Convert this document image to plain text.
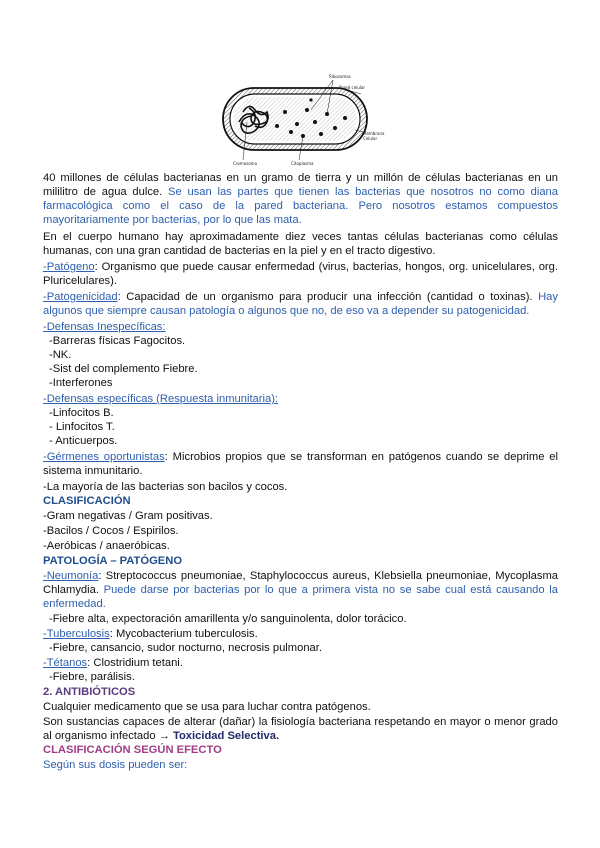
Ribosomas
Pared celular
Membrana
Celular
Cromosoma	Citoplasma
40 millones de células bacterianas en un gramo de tierra y un millón de células bacterianas en un
mililitro de agua dulce. Se usan las partes que tienen las bacterias que nosotros no como diana
farmacológica como el caso de la pared bacteriana. Pero nosotros estamos compuestos
mayoritariamente por bacterias, por lo que las mata.
En el cuerpo humano hay aproximadamente diez veces tantas células bacterianas como células
humanas, con una gran cantidad de bacterias en la piel y en el tracto digestivo.
-Patógeno: Organismo que puede causar enfermedad (virus, bacterias, hongos, org. unicelulares, org.
Pluricelulares).
-Patogenicidad: Capacidad de un organismo para producir una infección (cantidad o toxinas). Hay
algunos que siempre causan patología o algunos que no, de eso va a depender su patogenicidad.
-Defensas Inespecíficas:
-Barreras físicas Fagocitos.
-NK.
-Sist del complemento Fiebre.
-Interferones
-Defensas específicas (Respuesta inmunitaria):
-Linfocitos B.
- Linfocitos T.
- Anticuerpos.
-Gérmenes oportunistas: Microbios propios que se transforman en patógenos cuando se deprime el
sistema inmunitario.
-La mayoría de las bacterias son bacilos y cocos.
CLASIFICACIÓN
-Gram negativas / Gram positivas.
-Bacilos / Cocos / Espirilos.
-Aeróbicas / anaeróbicas.
PATOLOGÍA – PATÓGENO
-Neumonía: Streptococcus pneumoniae, Staphylococcus aureus, Klebsiella pneumoniae, Mycoplasma
Chlamydia. Puede darse por bacterias por lo que a primera vista no se sabe cual está causando la
enfermedad.
-Fiebre alta, expectoración amarillenta y/o sanguinolenta, dolor torácico.
-Tuberculosis: Mycobacterium tuberculosis.
-Fiebre, cansancio, sudor nocturno, necrosis pulmonar.
-Tétanos: Clostridium tetani.
-Fiebre, parálisis.
2. ANTIBIÓTICOS
Cualquier medicamento que se usa para luchar contra patógenos.
Son sustancias capaces de alterar (dañar) la fisiología bacteriana respetando en mayor o menor grado
al organismo infectado → Toxicidad Selectiva.
CLASIFICACIÓN SEGÚN EFECTO
Según sus dosis pueden ser:
